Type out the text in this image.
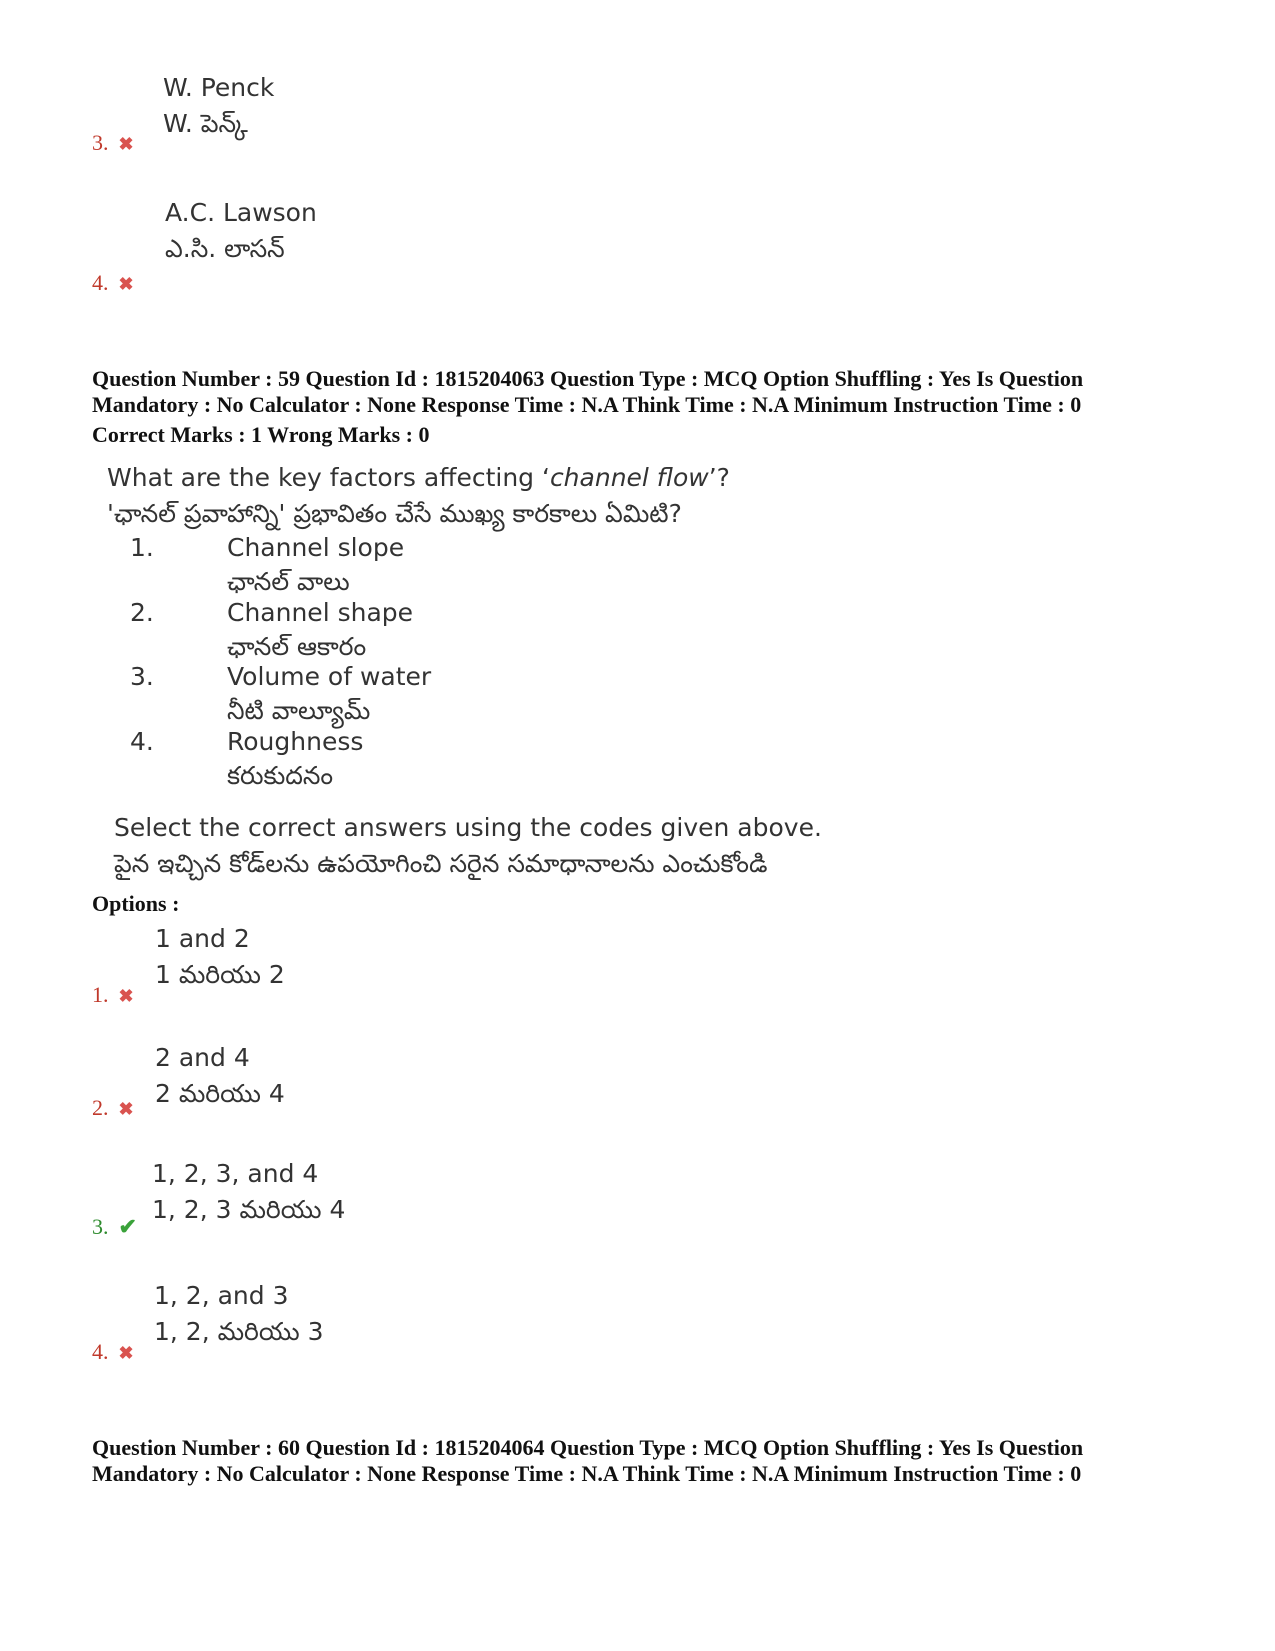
W. Penck
W. పెన్క్
3. ✖
A.C. Lawson
ఎ.సి. లాసన్
4. ✖
Question Number : 59 Question Id : 1815204063 Question Type : MCQ Option Shuffling : Yes Is Question
Mandatory : No Calculator : None Response Time : N.A Think Time : N.A Minimum Instruction Time : 0
Correct Marks : 1 Wrong Marks : 0
What are the key factors affecting ‘channel flow’?
'ఛానల్ ప్రవాహాన్ని' ప్రభావితం చేసే ముఖ్య కారకాలు ఏమిటి?
1.	Channel slope
ఛానల్ వాలు
2.	Channel shape
ఛానల్ ఆకారం
3.	Volume of water
నీటి వాల్యూమ్
4.	Roughness
కరుకుదనం
Select the correct answers using the codes given above.
పైన ఇచ్చిన కోడ్‌లను ఉపయోగించి సరైన సమాధానాలను ఎంచుకోండి
Options :
1 and 2
1 మరియు 2
1. ✖
2 and 4
2 మరియు 4
2. ✖
1, 2, 3, and 4
1, 2, 3 మరియు 4
3. ✔
1, 2, and 3
1, 2, మరియు 3
4. ✖
Question Number : 60 Question Id : 1815204064 Question Type : MCQ Option Shuffling : Yes Is Question
Mandatory : No Calculator : None Response Time : N.A Think Time : N.A Minimum Instruction Time : 0
